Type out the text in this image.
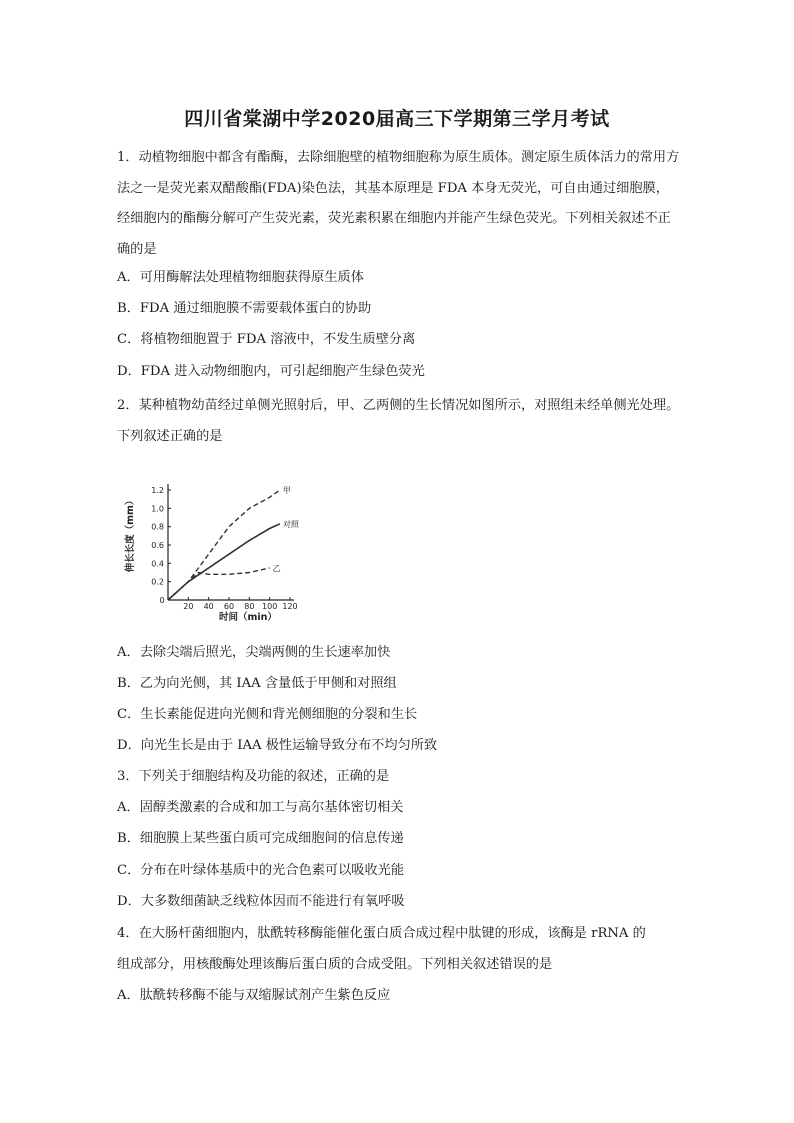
四川省棠湖中学2020届高三下学期第三学月考试

1．动植物细胞中都含有酯酶，去除细胞壁的植物细胞称为原生质体。测定原生质体活力的常用方法之一是荧光素双醋酸酯(FDA)染色法，其基本原理是 FDA 本身无荧光，可自由通过细胞膜，经细胞内的酯酶分解可产生荧光素，荧光素积累在细胞内并能产生绿色荧光。下列相关叙述不正确的是

A．可用酶解法处理植物细胞获得原生质体
B．FDA 通过细胞膜不需要载体蛋白的协助
C．将植物细胞置于 FDA 溶液中，不发生质壁分离
D．FDA 进入动物细胞内，可引起细胞产生绿色荧光

2．某种植物幼苗经过单侧光照射后，甲、乙两侧的生长情况如图所示，对照组未经单侧光处理。下列叙述正确的是

0
20 40 60 80 100 120
0.2
0.4
0.6
0.8
1.0
1.2	甲
对照
乙
伸长长度（mm）
时间（min）
A．去除尖端后照光，尖端两侧的生长速率加快
B．乙为向光侧，其 IAA 含量低于甲侧和对照组
C．生长素能促进向光侧和背光侧细胞的分裂和生长
D．向光生长是由于 IAA 极性运输导致分布不均匀所致
3．下列关于细胞结构及功能的叙述，正确的是
A．固醇类激素的合成和加工与高尔基体密切相关
B．细胞膜上某些蛋白质可完成细胞间的信息传递
C．分布在叶绿体基质中的光合色素可以吸收光能
D．大多数细菌缺乏线粒体因而不能进行有氧呼吸
4．在大肠杆菌细胞内，肽酰转移酶能催化蛋白质合成过程中肽键的形成，该酶是 rRNA 的
组成部分，用核酸酶处理该酶后蛋白质的合成受阻。下列相关叙述错误的是
A．肽酰转移酶不能与双缩脲试剂产生紫色反应
